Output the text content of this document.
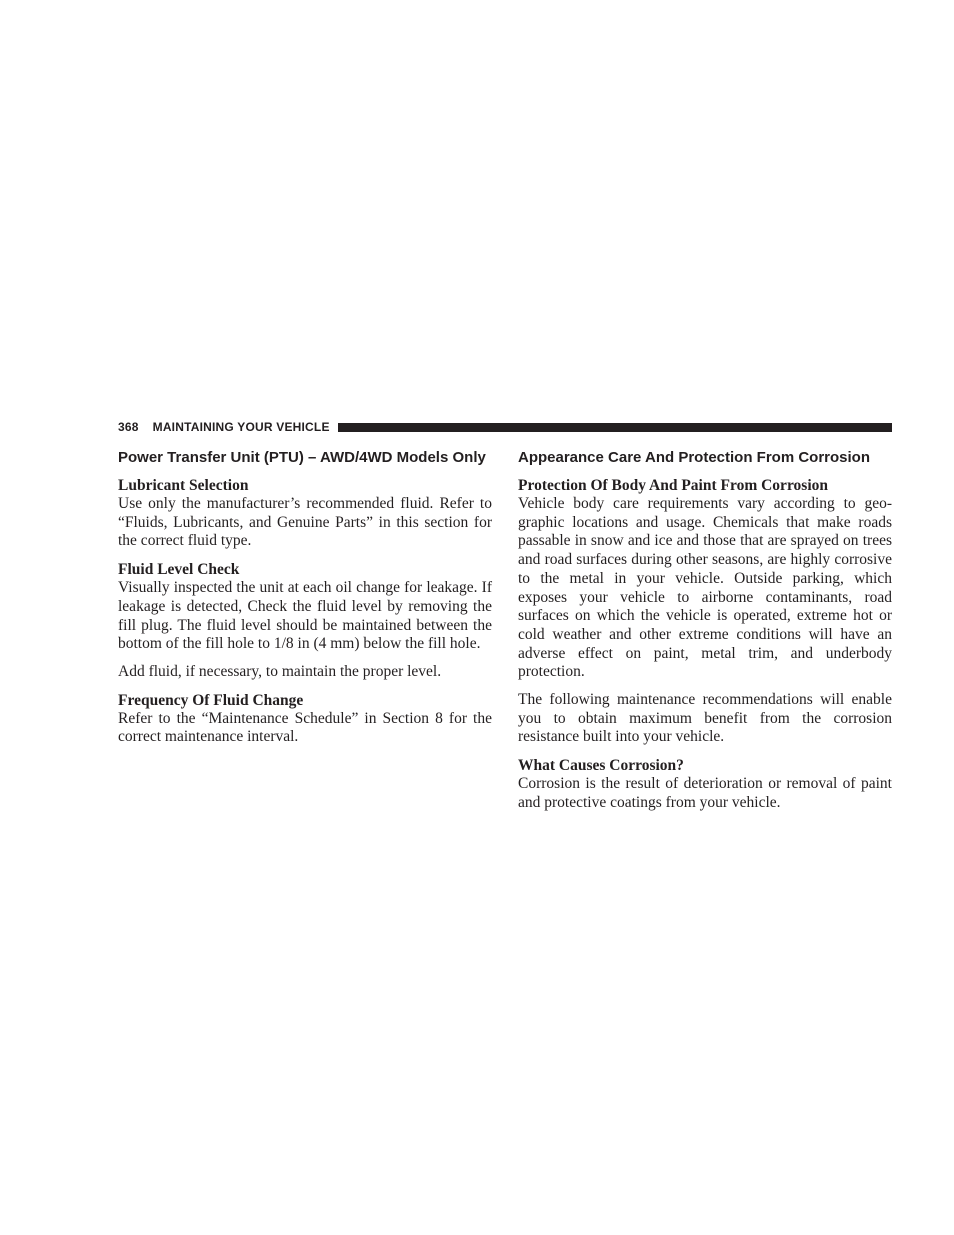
368 MAINTAINING YOUR VEHICLE
Power Transfer Unit (PTU) – AWD/4WD Models Only
Lubricant Selection

Use only the manufacturer’s recommended fluid. Refer to “Fluids, Lubricants, and Genuine Parts” in this section for the correct fluid type.

Fluid Level Check

Visually inspected the unit at each oil change for leakage. If leakage is detected, Check the fluid level by removing the fill plug. The fluid level should be maintained between the bottom of the fill hole to 1/8 in (4 mm) below the fill hole.

Add fluid, if necessary, to maintain the proper level.

Frequency Of Fluid Change

Refer to the “Maintenance Schedule” in Section 8 for the correct maintenance interval.

Appearance Care And Protection From Corrosion
Protection Of Body And Paint From Corrosion

Vehicle body care requirements vary according to geographic locations and usage. Chemicals that make roads passable in snow and ice and those that are sprayed on trees and road surfaces during other seasons, are highly corrosive to the metal in your vehicle. Outside parking, which exposes your vehicle to airborne contaminants, road surfaces on which the vehicle is operated, extreme hot or cold weather and other extreme conditions will have an adverse effect on paint, metal trim, and underbody protection.

The following maintenance recommendations will enable you to obtain maximum benefit from the corrosion resistance built into your vehicle.

What Causes Corrosion?

Corrosion is the result of deterioration or removal of paint and protective coatings from your vehicle.
